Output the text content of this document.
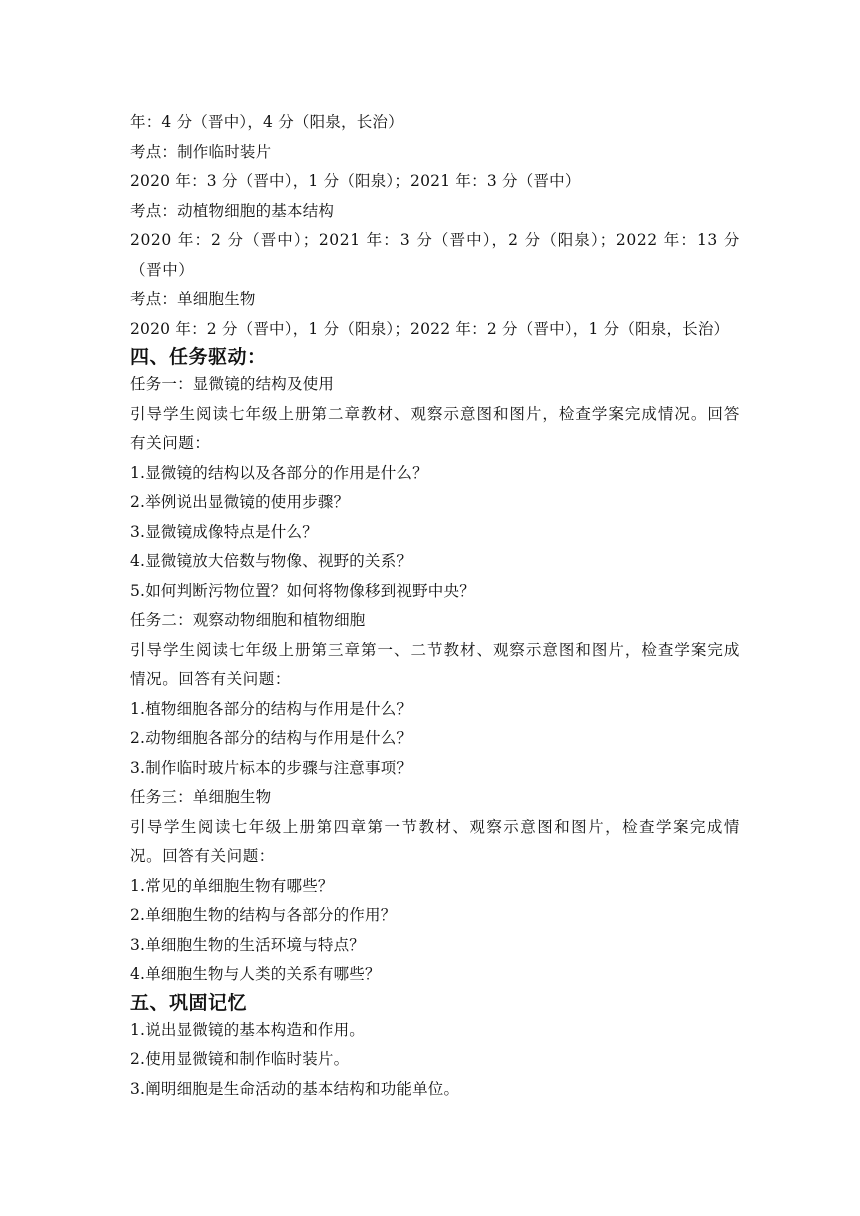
年：4 分（晋中），4 分（阳泉，长治）
考点：制作临时装片
2020 年：3 分（晋中），1 分（阳泉）；2021 年：3 分（晋中）
考点：动植物细胞的基本结构
2020 年：2 分（晋中）；2021 年：3 分（晋中），2 分（阳泉）；2022 年：13 分（晋中）
考点：单细胞生物
2020 年：2 分（晋中），1 分（阳泉）；2022 年：2 分（晋中），1 分（阳泉，长治）
四、任务驱动：
任务一：显微镜的结构及使用
引导学生阅读七年级上册第二章教材、观察示意图和图片，检查学案完成情况。回答有关问题：
1.显微镜的结构以及各部分的作用是什么？
2.举例说出显微镜的使用步骤？
3.显微镜成像特点是什么？
4.显微镜放大倍数与物像、视野的关系？
5.如何判断污物位置？如何将物像移到视野中央？
任务二：观察动物细胞和植物细胞
引导学生阅读七年级上册第三章第一、二节教材、观察示意图和图片，检查学案完成情况。回答有关问题：
1.植物细胞各部分的结构与作用是什么？
2.动物细胞各部分的结构与作用是什么？
3.制作临时玻片标本的步骤与注意事项？
任务三：单细胞生物
引导学生阅读七年级上册第四章第一节教材、观察示意图和图片，检查学案完成情况。回答有关问题：
1.常见的单细胞生物有哪些？
2.单细胞生物的结构与各部分的作用？
3.单细胞生物的生活环境与特点？
4.单细胞生物与人类的关系有哪些？
五、巩固记忆
1.说出显微镜的基本构造和作用。
2.使用显微镜和制作临时装片。
3.阐明细胞是生命活动的基本结构和功能单位。
